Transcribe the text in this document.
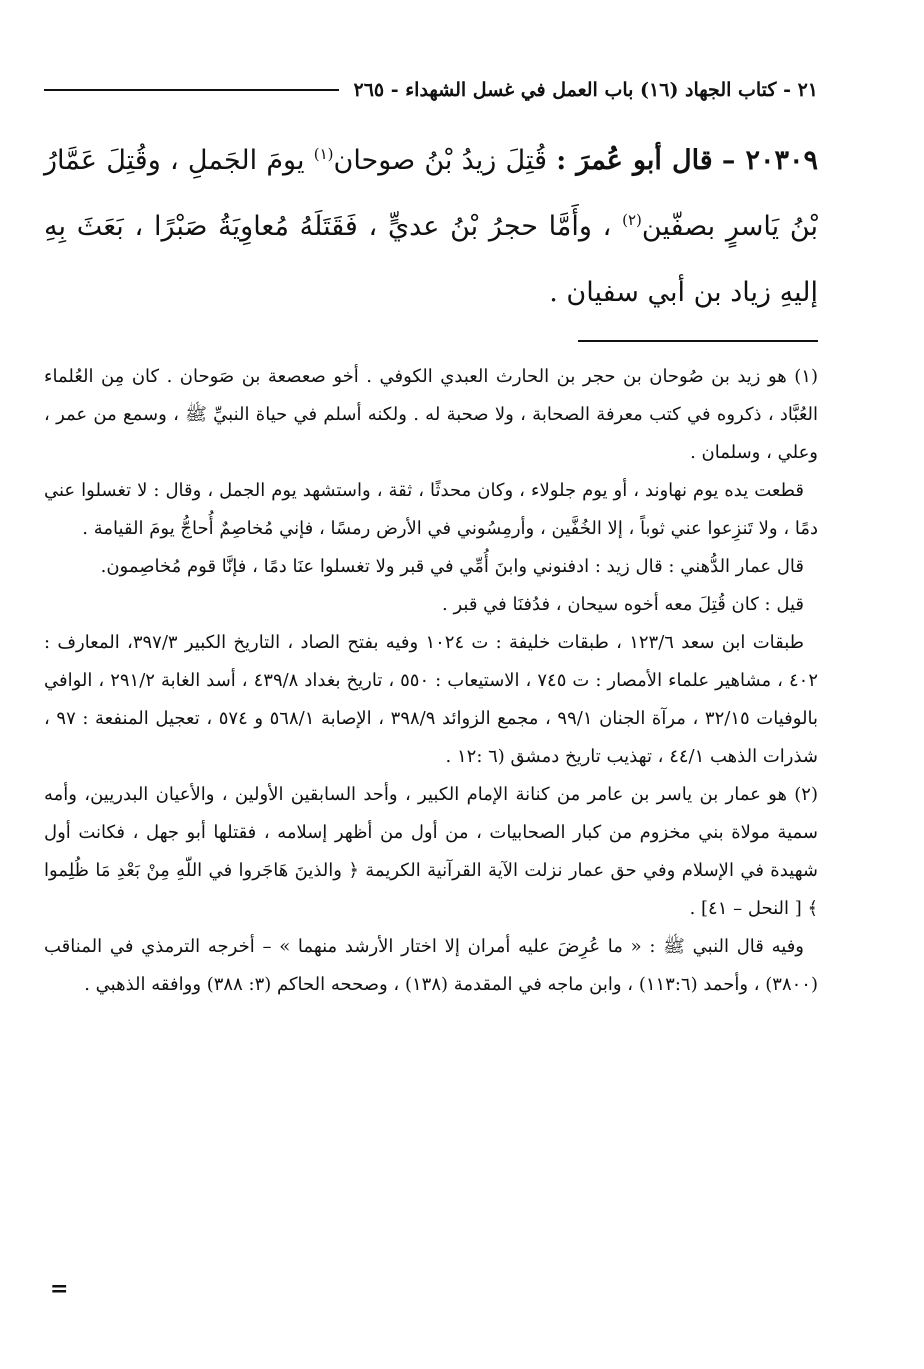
٢١ - كتاب الجهاد (١٦) باب العمل في غسل الشهداء - ٢٦٥
٢٠٣٠٩ – قال أبو عُمرَ : قُتِلَ زيدُ بْنُ صوحان$^{(١)}$ يومَ الجَملِ ، وقُتِلَ عَمَّارُ بْنُ يَاسرٍ بصفّين$^{(٢)}$ ، وأَمَّا حجرُ بْنُ عديٍّ ، فَقَتَلَهُ مُعاوِيَةُ صَبْرًا ، بَعَثَ بِهِ إليهِ زياد بن أبي سفيان .

(١) هو زيد بن صُوحان بن حجر بن الحارث العبدي الكوفي . أخو صعصعة بن صَوحان . كان مِن العُلماء العُبَّاد ، ذكروه في كتب معرفة الصحابة ، ولا صحبة له . ولكنه أسلم في حياة النبيِّ ﷺ ، وسمع من عمر ، وعلي ، وسلمان .

قطعت يده يوم نهاوند ، أو يوم جلولاء ، وكان محدثًا ، ثقة ، واستشهد يوم الجمل ، وقال : لا تغسلوا عني دمًا ، ولا تَنزِعوا عني ثوباً ، إلا الخُفَّين ، وأرمِسُوني في الأرض رمسًا ، فإني مُخاصِمٌ أُحاجُّ يومَ القيامة .

قال عمار الدُّهني : قال زيد : ادفنوني وابنَ أُمِّي في قبر ولا تغسلوا عنَا دمًا ، فإنَّا قوم مُخاصِمون.

قيل : كان قُتِلَ معه أخوه سيحان ، فدُفنَا في قبر .

طبقات ابن سعد ١٢٣/٦ ، طبقات خليفة : ت ١٠٢٤ وفيه بفتح الصاد ، التاريخ الكبير ٣٩٧/٣، المعارف : ٤٠٢ ، مشاهير علماء الأمصار : ت ٧٤٥ ، الاستيعاب : ٥٥٠ ، تاريخ بغداد ٤٣٩/٨ ، أسد الغابة ٢٩١/٢ ، الوافي بالوفيات ٣٢/١٥ ، مرآة الجنان ٩٩/١ ، مجمع الزوائد ٣٩٨/٩ ، الإصابة ٥٦٨/١ و ٥٧٤ ، تعجيل المنفعة : ٩٧ ، شذرات الذهب ٤٤/١ ، تهذيب تاريخ دمشق (٦ :١٢ .

(٢) هو عمار بن ياسر بن عامر من كنانة الإمام الكبير ، وأحد السابقين الأولين ، والأعيان البدريين، وأمه سمية مولاة بني مخزوم من كبار الصحابيات ، من أول من أظهر إسلامه ، فقتلها أبو جهل ، فكانت أول شهيدة في الإسلام وفي حق عمار نزلت الآية القرآنية الكريمة ﴿ والذينَ هَاجَروا في اللّهِ مِنْ بَعْدِ مَا ظُلِموا ﴾ [ النحل – ٤١] .

وفيه قال النبي ﷺ : « ما عُرِضَ عليه أمران إلا اختار الأرشد منهما » – أخرجه الترمذي في المناقب (٣٨٠٠) ، وأحمد (١١٣:٦) ، وابن ماجه في المقدمة (١٣٨) ، وصححه الحاكم (٣: ٣٨٨) ووافقه الذهبي .

=
